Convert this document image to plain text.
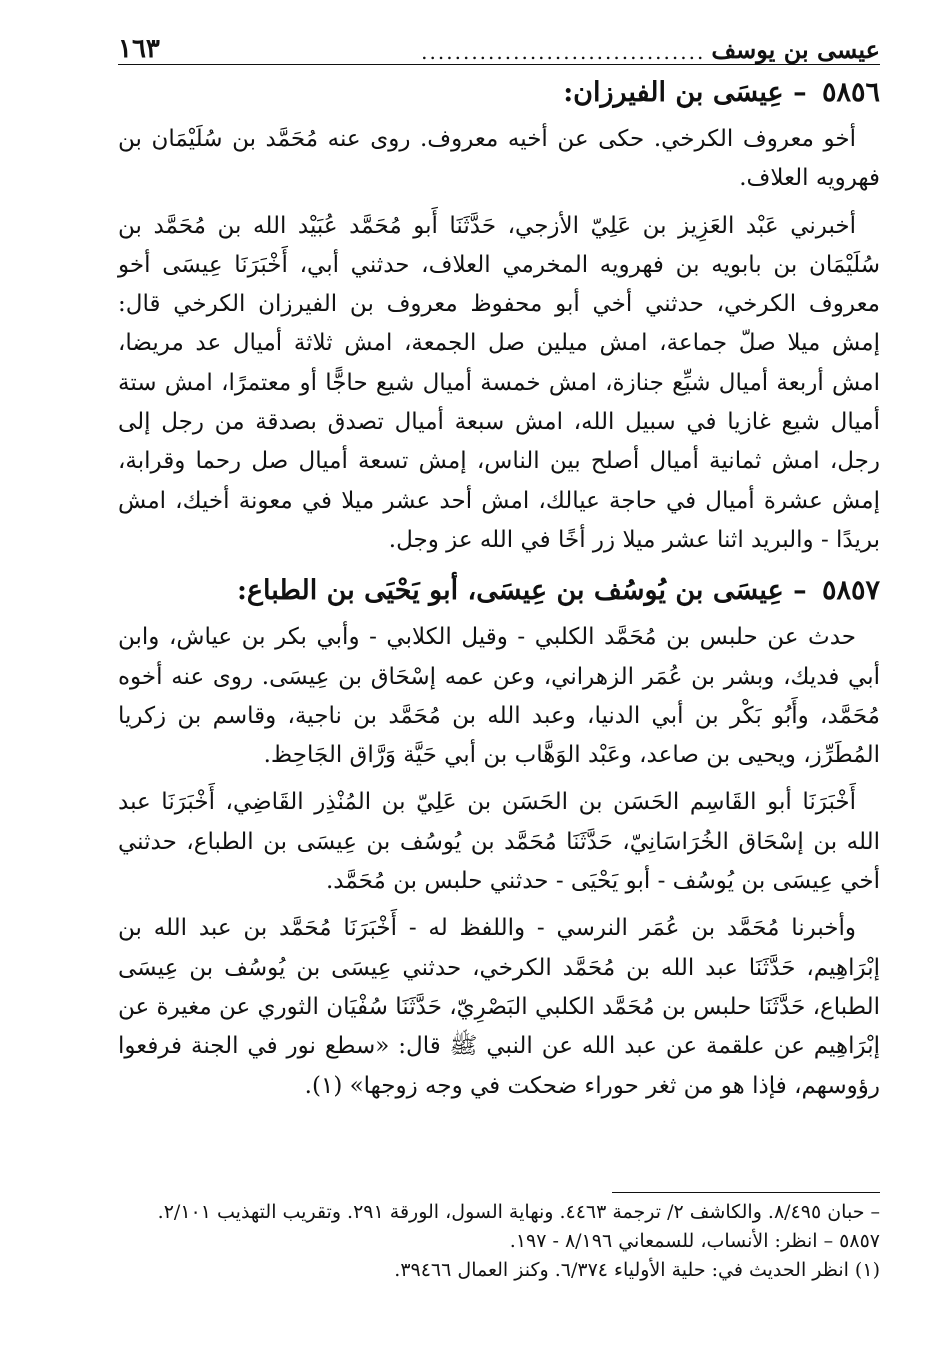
عيسى بن يوسف
..................................
١٦٣
٥٨٥٦ – عِيسَى بن الفيرزان:

أخو معروف الكرخي. حكى عن أخيه معروف. روى عنه مُحَمَّد بن سُلَيْمَان بن فهرويه العلاف.

أخبرني عَبْد العَزِيز بن عَلِيّ الأزجي، حَدَّثَنَا أَبو مُحَمَّد عُبَيْد الله بن مُحَمَّد بن سُلَيْمَان بن بابويه بن فهرويه المخرمي العلاف، حدثني أبي، أَخْبَرَنَا عِيسَى أخو معروف الكرخي، حدثني أخي أبو محفوظ معروف بن الفيرزان الكرخي قال: إمش ميلا صلّ جماعة، امش ميلين صل الجمعة، امش ثلاثة أميال عد مريضا، امش أربعة أميال شيِّع جنازة، امش خمسة أميال شيع حاجًّا أو معتمرًا، امش ستة أميال شيع غازيا في سبيل الله، امش سبعة أميال تصدق بصدقة من رجل إلى رجل، امش ثمانية أميال أصلح بين الناس، إمش تسعة أميال صل رحما وقرابة، إمش عشرة أميال في حاجة عيالك، امش أحد عشر ميلا في معونة أخيك، امش بريدًا - والبريد اثنا عشر ميلا زر أخًا في الله عز وجل.

٥٨٥٧ – عِيسَى بن يُوسُف بن عِيسَى، أبو يَحْيَى بن الطباع:

حدث عن حلبس بن مُحَمَّد الكلبي - وقيل الكلابي - وأبي بكر بن عياش، وابن أبي فديك، وبشر بن عُمَر الزهراني، وعن عمه إسْحَاق بن عِيسَى. روى عنه أخوه مُحَمَّد، وأَبُو بَكْر بن أبي الدنيا، وعبد الله بن مُحَمَّد بن ناجية، وقاسم بن زكريا المُطَرِّز، ويحيى بن صاعد، وعَبْد الوَهَّاب بن أبي حَيَّة وَرَّاق الجَاحِظ.

أَخْبَرَنَا أبو القَاسِم الحَسَن بن الحَسَن بن عَلِيّ بن المُنْذِر القَاضِي، أَخْبَرَنَا عبد الله بن إسْحَاق الخُرَاسَانِيّ، حَدَّثَنَا مُحَمَّد بن يُوسُف بن عِيسَى بن الطباع، حدثني أخي عِيسَى بن يُوسُف - أبو يَحْيَى - حدثني حلبس بن مُحَمَّد.

وأخبرنا مُحَمَّد بن عُمَر النرسي - واللفظ له - أَخْبَرَنَا مُحَمَّد بن عبد الله بن إبْرَاهِيم، حَدَّثَنَا عبد الله بن مُحَمَّد الكرخي، حدثني عِيسَى بن يُوسُف بن عِيسَى الطباع، حَدَّثَنَا حلبس بن مُحَمَّد الكلبي البَصْرِيّ، حَدَّثَنَا سُفْيَان الثوري عن مغيرة عن إبْرَاهِيم عن علقمة عن عبد الله عن النبي ﷺ قال: «سطع نور في الجنة فرفعوا رؤوسهم، فإذا هو من ثغر حوراء ضحكت في وجه زوجها» (١).

– حبان ٨/٤٩٥. والكاشف ٢/ ترجمة ٤٤٦٣. ونهاية السول، الورقة ٢٩١. وتقريب التهذيب ٢/١٠١.

٥٨٥٧ – انظر: الأنساب، للسمعاني ٨/١٩٦ - ١٩٧.

(١) انظر الحديث في: حلية الأولياء ٦/٣٧٤. وكنز العمال ٣٩٤٦٦.
